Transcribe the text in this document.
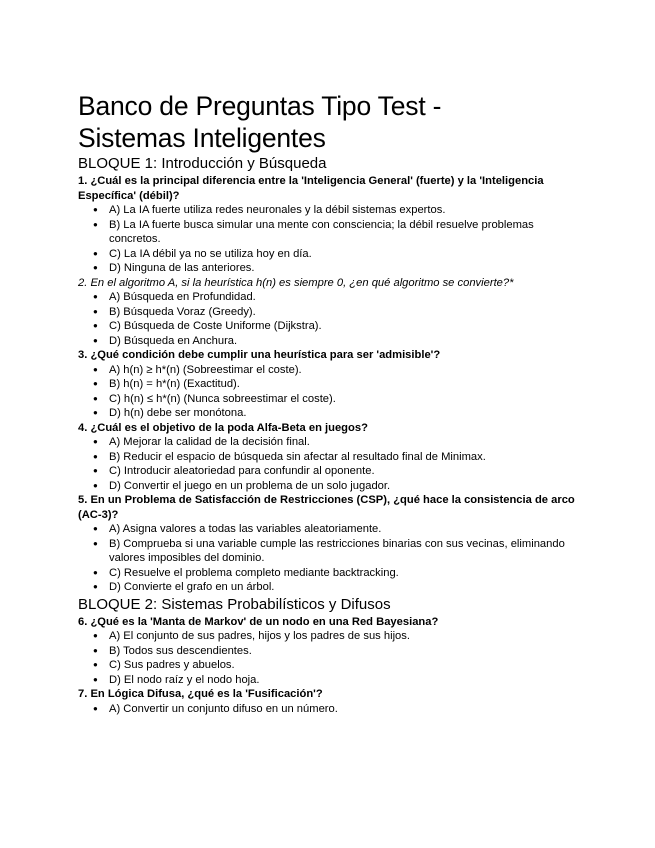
Banco de Preguntas Tipo Test -
Sistemas Inteligentes
BLOQUE 1: Introducción y Búsqueda

1. ¿Cuál es la principal diferencia entre la 'Inteligencia General' (fuerte) y la 'Inteligencia Específica' (débil)?

● A) La IA fuerte utiliza redes neuronales y la débil sistemas expertos.
● B) La IA fuerte busca simular una mente con consciencia; la débil resuelve problemas concretos.
● C) La IA débil ya no se utiliza hoy en día.
● D) Ninguna de las anteriores.

2. En el algoritmo A, si la heurística h(n) es siempre 0, ¿en qué algoritmo se convierte?*

● A) Búsqueda en Profundidad.
● B) Búsqueda Voraz (Greedy).
● C) Búsqueda de Coste Uniforme (Dijkstra).
● D) Búsqueda en Anchura.

3. ¿Qué condición debe cumplir una heurística para ser 'admisible'?

● A) h(n) ≥ h*(n) (Sobreestimar el coste).
● B) h(n) = h*(n) (Exactitud).
● C) h(n) ≤ h*(n) (Nunca sobreestimar el coste).
● D) h(n) debe ser monótona.

4. ¿Cuál es el objetivo de la poda Alfa-Beta en juegos?

● A) Mejorar la calidad de la decisión final.
● B) Reducir el espacio de búsqueda sin afectar al resultado final de Minimax.
● C) Introducir aleatoriedad para confundir al oponente.
● D) Convertir el juego en un problema de un solo jugador.

5. En un Problema de Satisfacción de Restricciones (CSP), ¿qué hace la consistencia de arco (AC-3)?

● A) Asigna valores a todas las variables aleatoriamente.
● B) Comprueba si una variable cumple las restricciones binarias con sus vecinas, eliminando valores imposibles del dominio.
● C) Resuelve el problema completo mediante backtracking.
● D) Convierte el grafo en un árbol.
BLOQUE 2: Sistemas Probabilísticos y Difusos

6. ¿Qué es la 'Manta de Markov' de un nodo en una Red Bayesiana?

● A) El conjunto de sus padres, hijos y los padres de sus hijos.
● B) Todos sus descendientes.
● C) Sus padres y abuelos.
● D) El nodo raíz y el nodo hoja.

7. En Lógica Difusa, ¿qué es la 'Fusificación'?

● A) Convertir un conjunto difuso en un número.
